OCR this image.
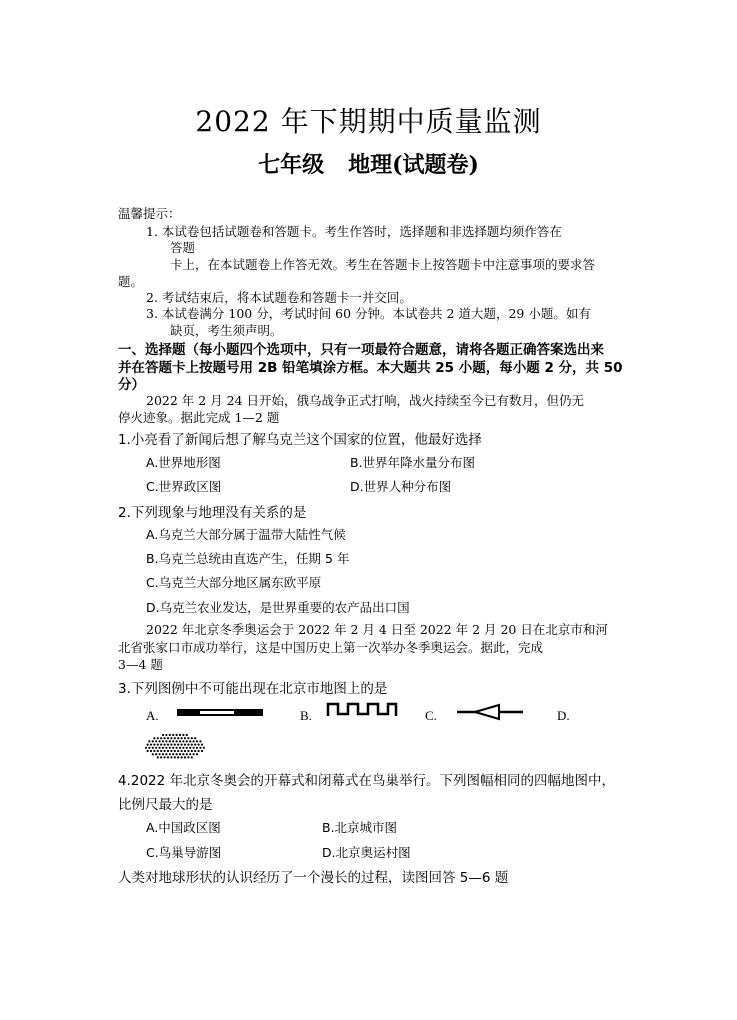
2022 年下期期中质量监测
七年级 地理(试题卷)
温馨提示：
1. 本试卷包括试题卷和答题卡。考生作答时，选择题和非选择题均须作答在
答题
卡上，在本试题卷上作答无效。考生在答题卡上按答题卡中注意事项的要求答
题。
2. 考试结束后，将本试题卷和答题卡一并交回。
3. 本试卷满分 100 分，考试时间 60 分钟。本试卷共 2 道大题，29 小题。如有
缺页，考生须声明。
一、选择题（每小题四个选项中，只有一项最符合题意，请将各题正确答案选出来
并在答题卡上按题号用 2B 铅笔填涂方框。本大题共 25 小题，每小题 2 分，共 50
分）
2022 年 2 月 24 日开始，俄乌战争正式打响，战火持续至今已有数月，但仍无
停火迹象。据此完成 1—2 题
1.小亮看了新闻后想了解乌克兰这个国家的位置，他最好选择
A.世界地形图	B.世界年降水量分布图
C.世界政区图	D.世界人种分布图
2.下列现象与地理没有关系的是
A.乌克兰大部分属于温带大陆性气候
B.乌克兰总统由直选产生，任期 5 年
C.乌克兰大部分地区属东欧平原
D.乌克兰农业发达，是世界重要的农产品出口国
2022 年北京冬季奥运会于 2022 年 2 月 4 日至 2022 年 2 月 20 日在北京市和河
北省张家口市成功举行，这是中国历史上第一次举办冬季奥运会。据此，完成
3—4 题
3.下列图例中不可能出现在北京市地图上的是
A.	B.	C.	D.
4.2022 年北京冬奥会的开幕式和闭幕式在鸟巢举行。下列图幅相同的四幅地图中，
比例尺最大的是
A.中国政区图	B.北京城市图
C.鸟巢导游图	D.北京奥运村图
人类对地球形状的认识经历了一个漫长的过程，读图回答 5—6 题
